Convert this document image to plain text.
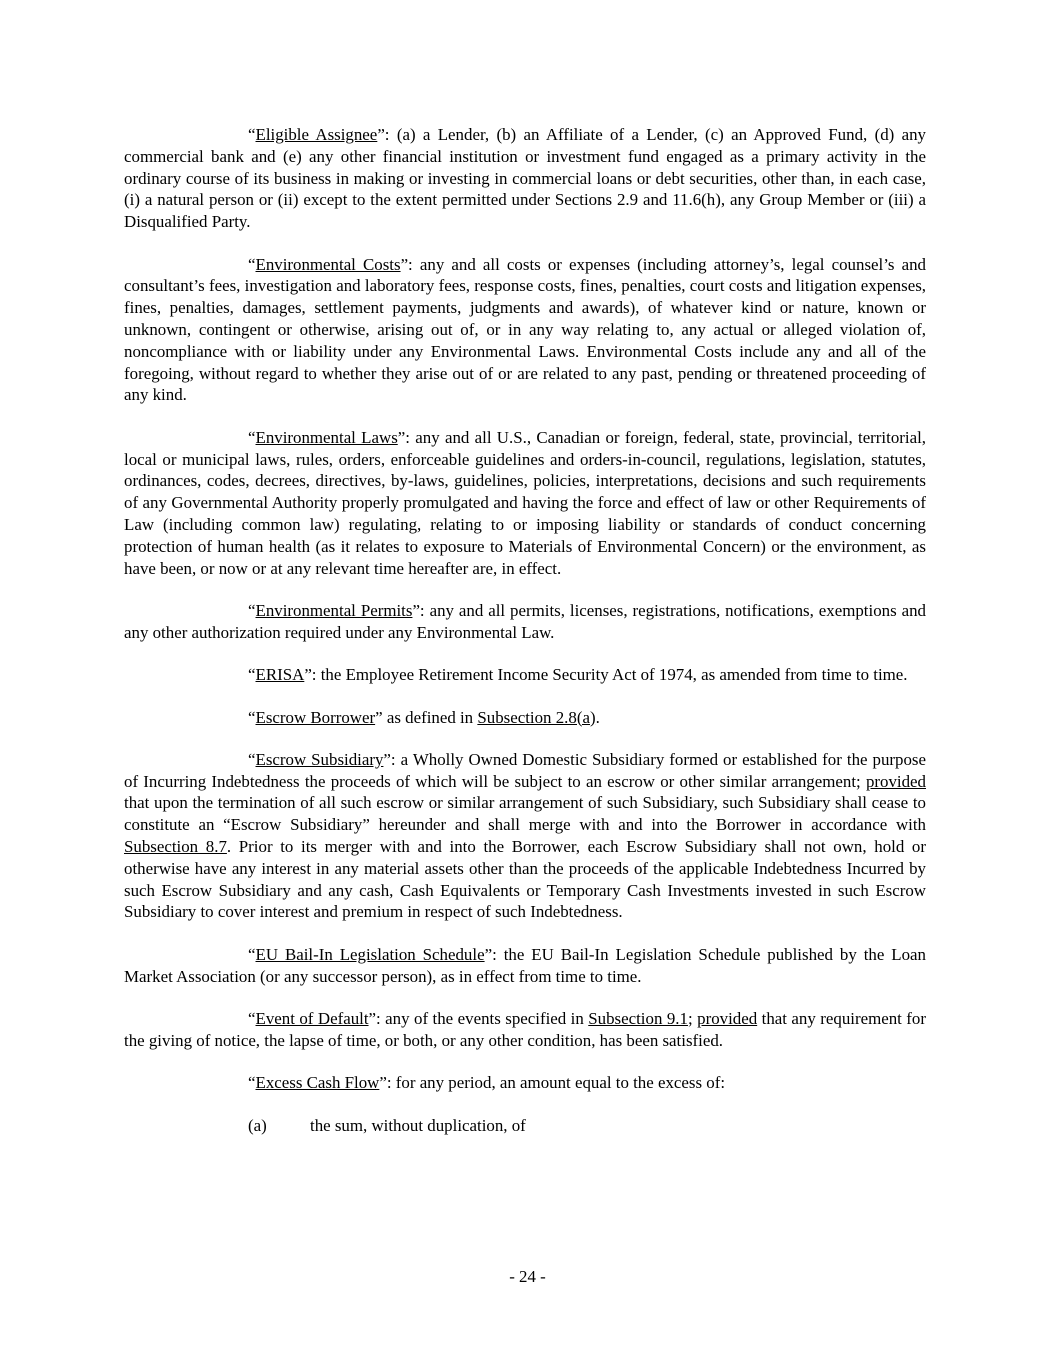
“Eligible Assignee”: (a) a Lender, (b) an Affiliate of a Lender, (c) an Approved Fund, (d) any commercial bank and (e) any other financial institution or investment fund engaged as a primary activity in the ordinary course of its business in making or investing in commercial loans or debt securities, other than, in each case, (i) a natural person or (ii) except to the extent permitted under Sections 2.9 and 11.6(h), any Group Member or (iii) a Disqualified Party.

“Environmental Costs”: any and all costs or expenses (including attorney’s, legal counsel’s and consultant’s fees, investigation and laboratory fees, response costs, fines, penalties, court costs and litigation expenses, fines, penalties, damages, settlement payments, judgments and awards), of whatever kind or nature, known or unknown, contingent or otherwise, arising out of, or in any way relating to, any actual or alleged violation of, noncompliance with or liability under any Environmental Laws. Environmental Costs include any and all of the foregoing, without regard to whether they arise out of or are related to any past, pending or threatened proceeding of any kind.

“Environmental Laws”: any and all U.S., Canadian or foreign, federal, state, provincial, territorial, local or municipal laws, rules, orders, enforceable guidelines and orders-in-council, regulations, legislation, statutes, ordinances, codes, decrees, directives, by-laws, guidelines, policies, interpretations, decisions and such requirements of any Governmental Authority properly promulgated and having the force and effect of law or other Requirements of Law (including common law) regulating, relating to or imposing liability or standards of conduct concerning protection of human health (as it relates to exposure to Materials of Environmental Concern) or the environment, as have been, or now or at any relevant time hereafter are, in effect.

“Environmental Permits”: any and all permits, licenses, registrations, notifications, exemptions and any other authorization required under any Environmental Law.

“ERISA”: the Employee Retirement Income Security Act of 1974, as amended from time to time.

“Escrow Borrower” as defined in Subsection 2.8(a).

“Escrow Subsidiary”: a Wholly Owned Domestic Subsidiary formed or established for the purpose of Incurring Indebtedness the proceeds of which will be subject to an escrow or other similar arrangement; provided that upon the termination of all such escrow or similar arrangement of such Subsidiary, such Subsidiary shall cease to constitute an “Escrow Subsidiary” hereunder and shall merge with and into the Borrower in accordance with Subsection 8.7. Prior to its merger with and into the Borrower, each Escrow Subsidiary shall not own, hold or otherwise have any interest in any material assets other than the proceeds of the applicable Indebtedness Incurred by such Escrow Subsidiary and any cash, Cash Equivalents or Temporary Cash Investments invested in such Escrow Subsidiary to cover interest and premium in respect of such Indebtedness.

“EU Bail-In Legislation Schedule”: the EU Bail-In Legislation Schedule published by the Loan Market Association (or any successor person), as in effect from time to time.

“Event of Default”: any of the events specified in Subsection 9.1; provided that any requirement for the giving of notice, the lapse of time, or both, or any other condition, has been satisfied.

“Excess Cash Flow”: for any period, an amount equal to the excess of:

(a)	the sum, without duplication, of

- 24 -
